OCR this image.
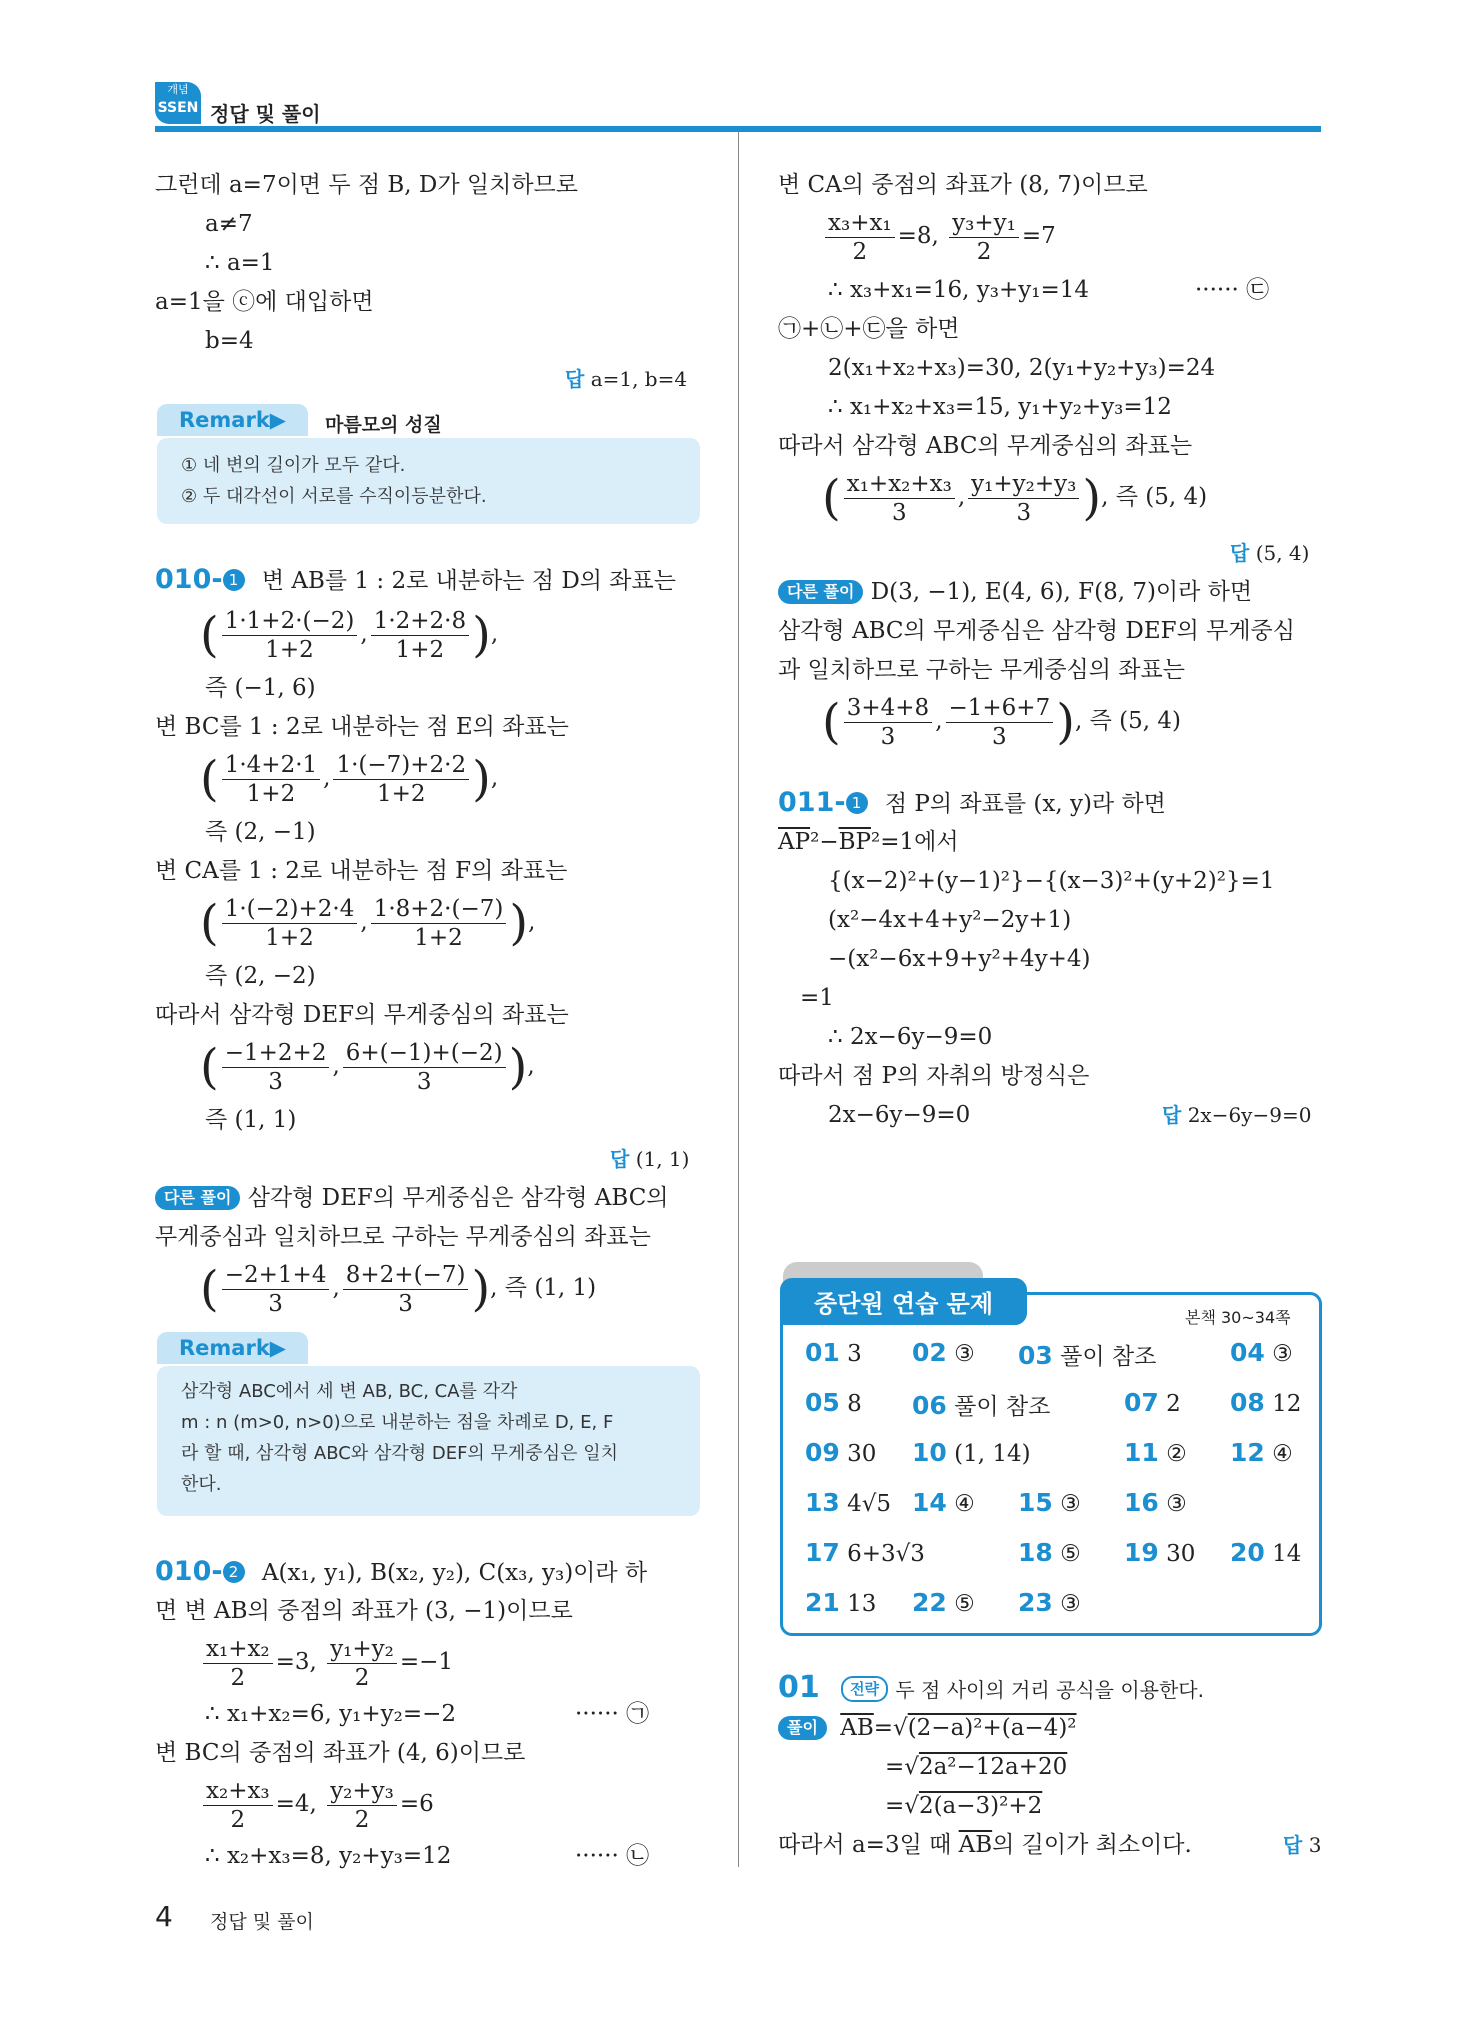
개념
SSEN 정답 및 풀이
그런데 a=7이면 두 점 B, D가 일치하므로
a≠7
∴ a=1
a=1을 ⓒ에 대입하면
b=4
답 a=1, b=4
Remark▶	마름모의 성질
① 네 변의 길이가 모두 같다.
② 두 대각선이 서로를 수직이등분한다.
010- 1 변 AB를 1 : 2로 내분하는 점 D의 좌표는
( $\frac{1\cdot 1+2\cdot(-2)}{1+2}$ , $\frac{1\cdot 2+2\cdot 8}{1+2}$ ),
즉 (−1, 6)
변 BC를 1 : 2로 내분하는 점 E의 좌표는
( $\frac{1\cdot 4+2\cdot 1}{1+2}$ , $\frac{1\cdot(-7)+2\cdot 2}{1+2}$ ),
즉 (2, −1)
변 CA를 1 : 2로 내분하는 점 F의 좌표는
( $\frac{1\cdot(-2)+2\cdot 4}{1+2}$ , $\frac{1\cdot 8+2\cdot(-7)}{1+2}$ ),
즉 (2, −2)
따라서 삼각형 DEF의 무게중심의 좌표는
( $\frac{-1+2+2}{3}$ , $\frac{6+(-1)+(-2)}{3}$ ),
즉 (1, 1)
답 (1, 1)
다른 풀이 삼각형 DEF의 무게중심은 삼각형 ABC의
무게중심과 일치하므로 구하는 무게중심의 좌표는
( $\frac{-2+1+4}{3}$ , $\frac{8+2+(-7)}{3}$ ), 즉 (1, 1)
Remark▶
삼각형 ABC에서 세 변 AB, BC, CA를 각각
m : n (m>0, n>0)으로 내분하는 점을 차례로 D, E, F
라 할 때, 삼각형 ABC와 삼각형 DEF의 무게중심은 일치
한다.
010- 2 A(x₁, y₁), B(x₂, y₂), C(x₃, y₃)이라 하
면 변 AB의 중점의 좌표가 (3, −1)이므로
$\frac{\text{x₁+x₂}}{2} =3$, $\frac{\text{y₁+y₂}}{2} =-1$
∴ x₁+x₂=6, y₁+y₂=−2	······ ㉠
변 BC의 중점의 좌표가 (4, 6)이므로
$\frac{\text{x₂+x₃}}{2} =4$, $\frac{\text{y₂+y₃}}{2} =6$
∴ x₂+x₃=8, y₂+y₃=12	······ ㉡
4 정답 및 풀이
변 CA의 중점의 좌표가 (8, 7)이므로
$\frac{\text{x₃+x₁}}{2} =8$, $\frac{\text{y₃+y₁}}{2} =7$
∴ x₃+x₁=16, y₃+y₁=14	······ ㉢
㉠+㉡+㉢을 하면
2(x₁+x₂+x₃)=30, 2(y₁+y₂+y₃)=24
∴ x₁+x₂+x₃=15, y₁+y₂+y₃=12
따라서 삼각형 ABC의 무게중심의 좌표는
( $\frac{\text{x₁+x₂+x₃}}{3}$ , $\frac{\text{y₁+y₂+y₃}}{3}$ ), 즉 (5, 4)
답 (5, 4)
다른 풀이 D(3, −1), E(4, 6), F(8, 7)이라 하면
삼각형 ABC의 무게중심은 삼각형 DEF의 무게중심
과 일치하므로 구하는 무게중심의 좌표는
( $\frac{3+4+8}{3}$ , $\frac{-1+6+7}{3}$ ), 즉 (5, 4)
011- 1 점 P의 좌표를 (x, y)라 하면
$\overline{AP}^2-\overline{BP}^2=1$에서
{(x−2)²+(y−1)²}−{(x−3)²+(y+2)²}=1
(x²−4x+4+y²−2y+1)
−(x²−6x+9+y²+4y+4)
=1
∴ 2x−6y−9=0
따라서 점 P의 자취의 방정식은
2x−6y−9=0	답 2x−6y−9=0
중단원 연습 문제	본책 30~34쪽
01 3 02 ③ 03 풀이 참조	04 ③
05 8 06 풀이 참조	07 2 08 12
09 30 10 (1, 14)	11 ② 12 ④
13 4√5 14 ④ 15 ③ 16 ③
17 6+3√3	18 ⑤ 19 30 20 14
21 13 22 ⑤ 23 ③
01 전략 두 점 사이의 거리 공식을 이용한다.
풀이 $\overline{AB}=√(2-a)^2+(a-4)^2$
=√2a²−12a+20
=√2(a−3)²+2
따라서 a=3일 때 $\overline{AB}$의 길이가 최소이다.	답 3
